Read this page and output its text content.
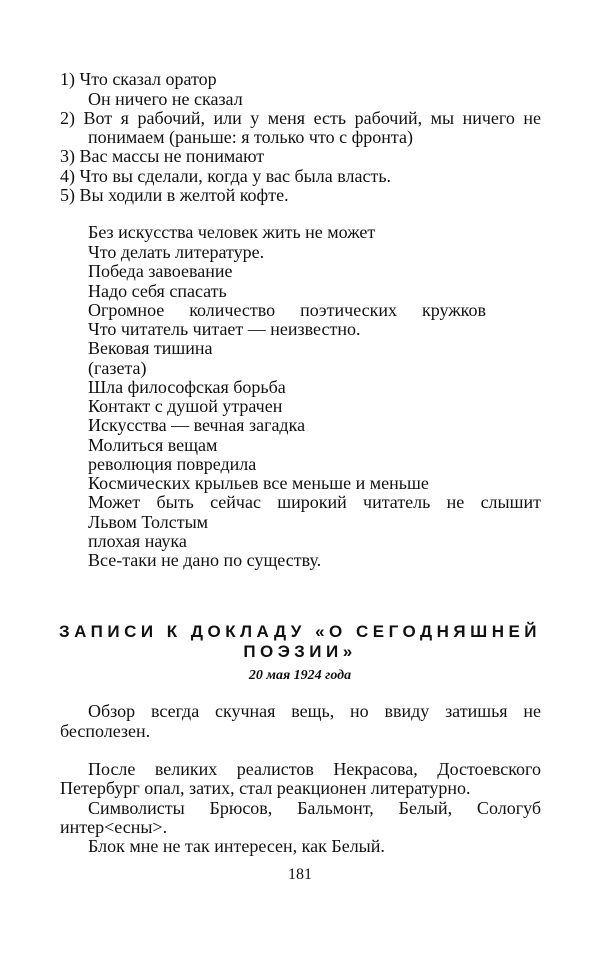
1) Что сказал оратор
Он ничего не сказал
2) Вот я рабочий, или у меня есть рабочий, мы ничего не
понимаем (раньше: я только что с фронта)
3) Вас массы не понимают
4) Что вы сделали, когда у вас была власть.
5) Вы ходили в желтой кофте.
Без искусства человек жить не может
Что делать литературе.
Победа завоевание
Надо себя спасать
Огромное количество поэтических кружков
Что читатель читает — неизвестно.
Вековая тишина
(газета)
Шла философская борьба
Контакт с душой утрачен
Искусства — вечная загадка
Молиться вещам
революция повредила
Космических крыльев все меньше и меньше
Может быть сейчас широкий читатель не слышит
Львом Толстым
плохая наука
Все-таки не дано по существу.
ЗАПИСИ К ДОКЛАДУ «О СЕГОДНЯШНЕЙ
ПОЭЗИИ»
20 мая 1924 года
Обзор всегда скучная вещь, но ввиду затишья не
бесполезен.
После великих реалистов Некрасова, Достоевского
Петербург опал, затих, стал реакционен литературно.
Символисты Брюсов, Бальмонт, Белый, Сологуб
интер<есны>.
Блок мне не так интересен, как Белый.
181
